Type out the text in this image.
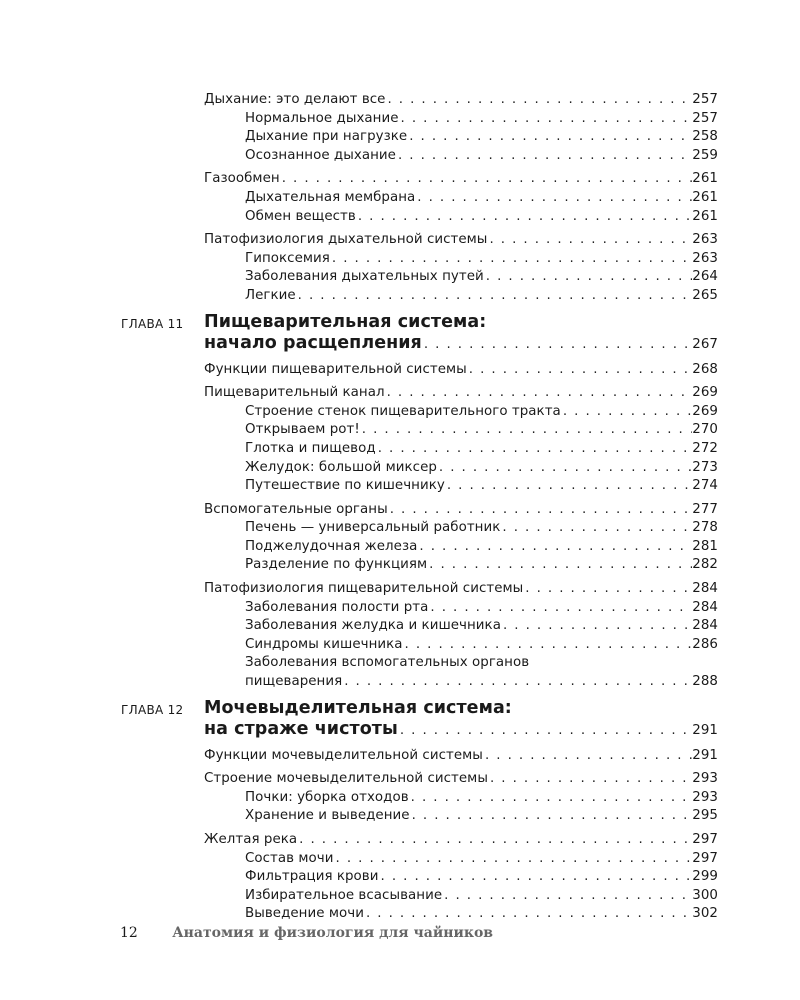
Дыхание: это делают все . . .	257
Нормальное дыхание . . .	257
Дыхание при нагрузке . . .	258
Осознанное дыхание . . .	259
Газообмен . . .	261
Дыхательная мембрана . . .	261
Обмен веществ . . .	261
Патофизиология дыхательной системы . . .	263
Гипоксемия . . .	263
Заболевания дыхательных путей . . .	264
Легкие . . .	265
ГЛАВА 11 Пищеварительная система:
начало расщепления . . .	267
Функции пищеварительной системы . . .	268
Пищеварительный канал . . .	269
Строение стенок пищеварительного тракта . . .	269
Открываем рот! . . .	270
Глотка и пищевод . . .	272
Желудок: большой миксер . . .	273
Путешествие по кишечнику . . .	274
Вспомогательные органы . . .	277
Печень — универсальный работник . . .	278
Поджелудочная железа . . .	281
Разделение по функциям . . .	282
Патофизиология пищеварительной системы . . .	284
Заболевания полости рта . . .	284
Заболевания желудка и кишечника . . .	284
Синдромы кишечника . . .	286
Заболевания вспомогательных органов
пищеварения . . .	288
ГЛАВА 12 Мочевыделительная система:
на страже чистоты . . .	291
Функции мочевыделительной системы . . .	291
Строение мочевыделительной системы . . .	293
Почки: уборка отходов . . .	293
Хранение и выведение . . .	295
Желтая река . . .	297
Состав мочи . . .	297
Фильтрация крови . . .	299
Избирательное всасывание . . .	300
Выведение мочи . . .	302
12 Анатомия и физиология для чайников
